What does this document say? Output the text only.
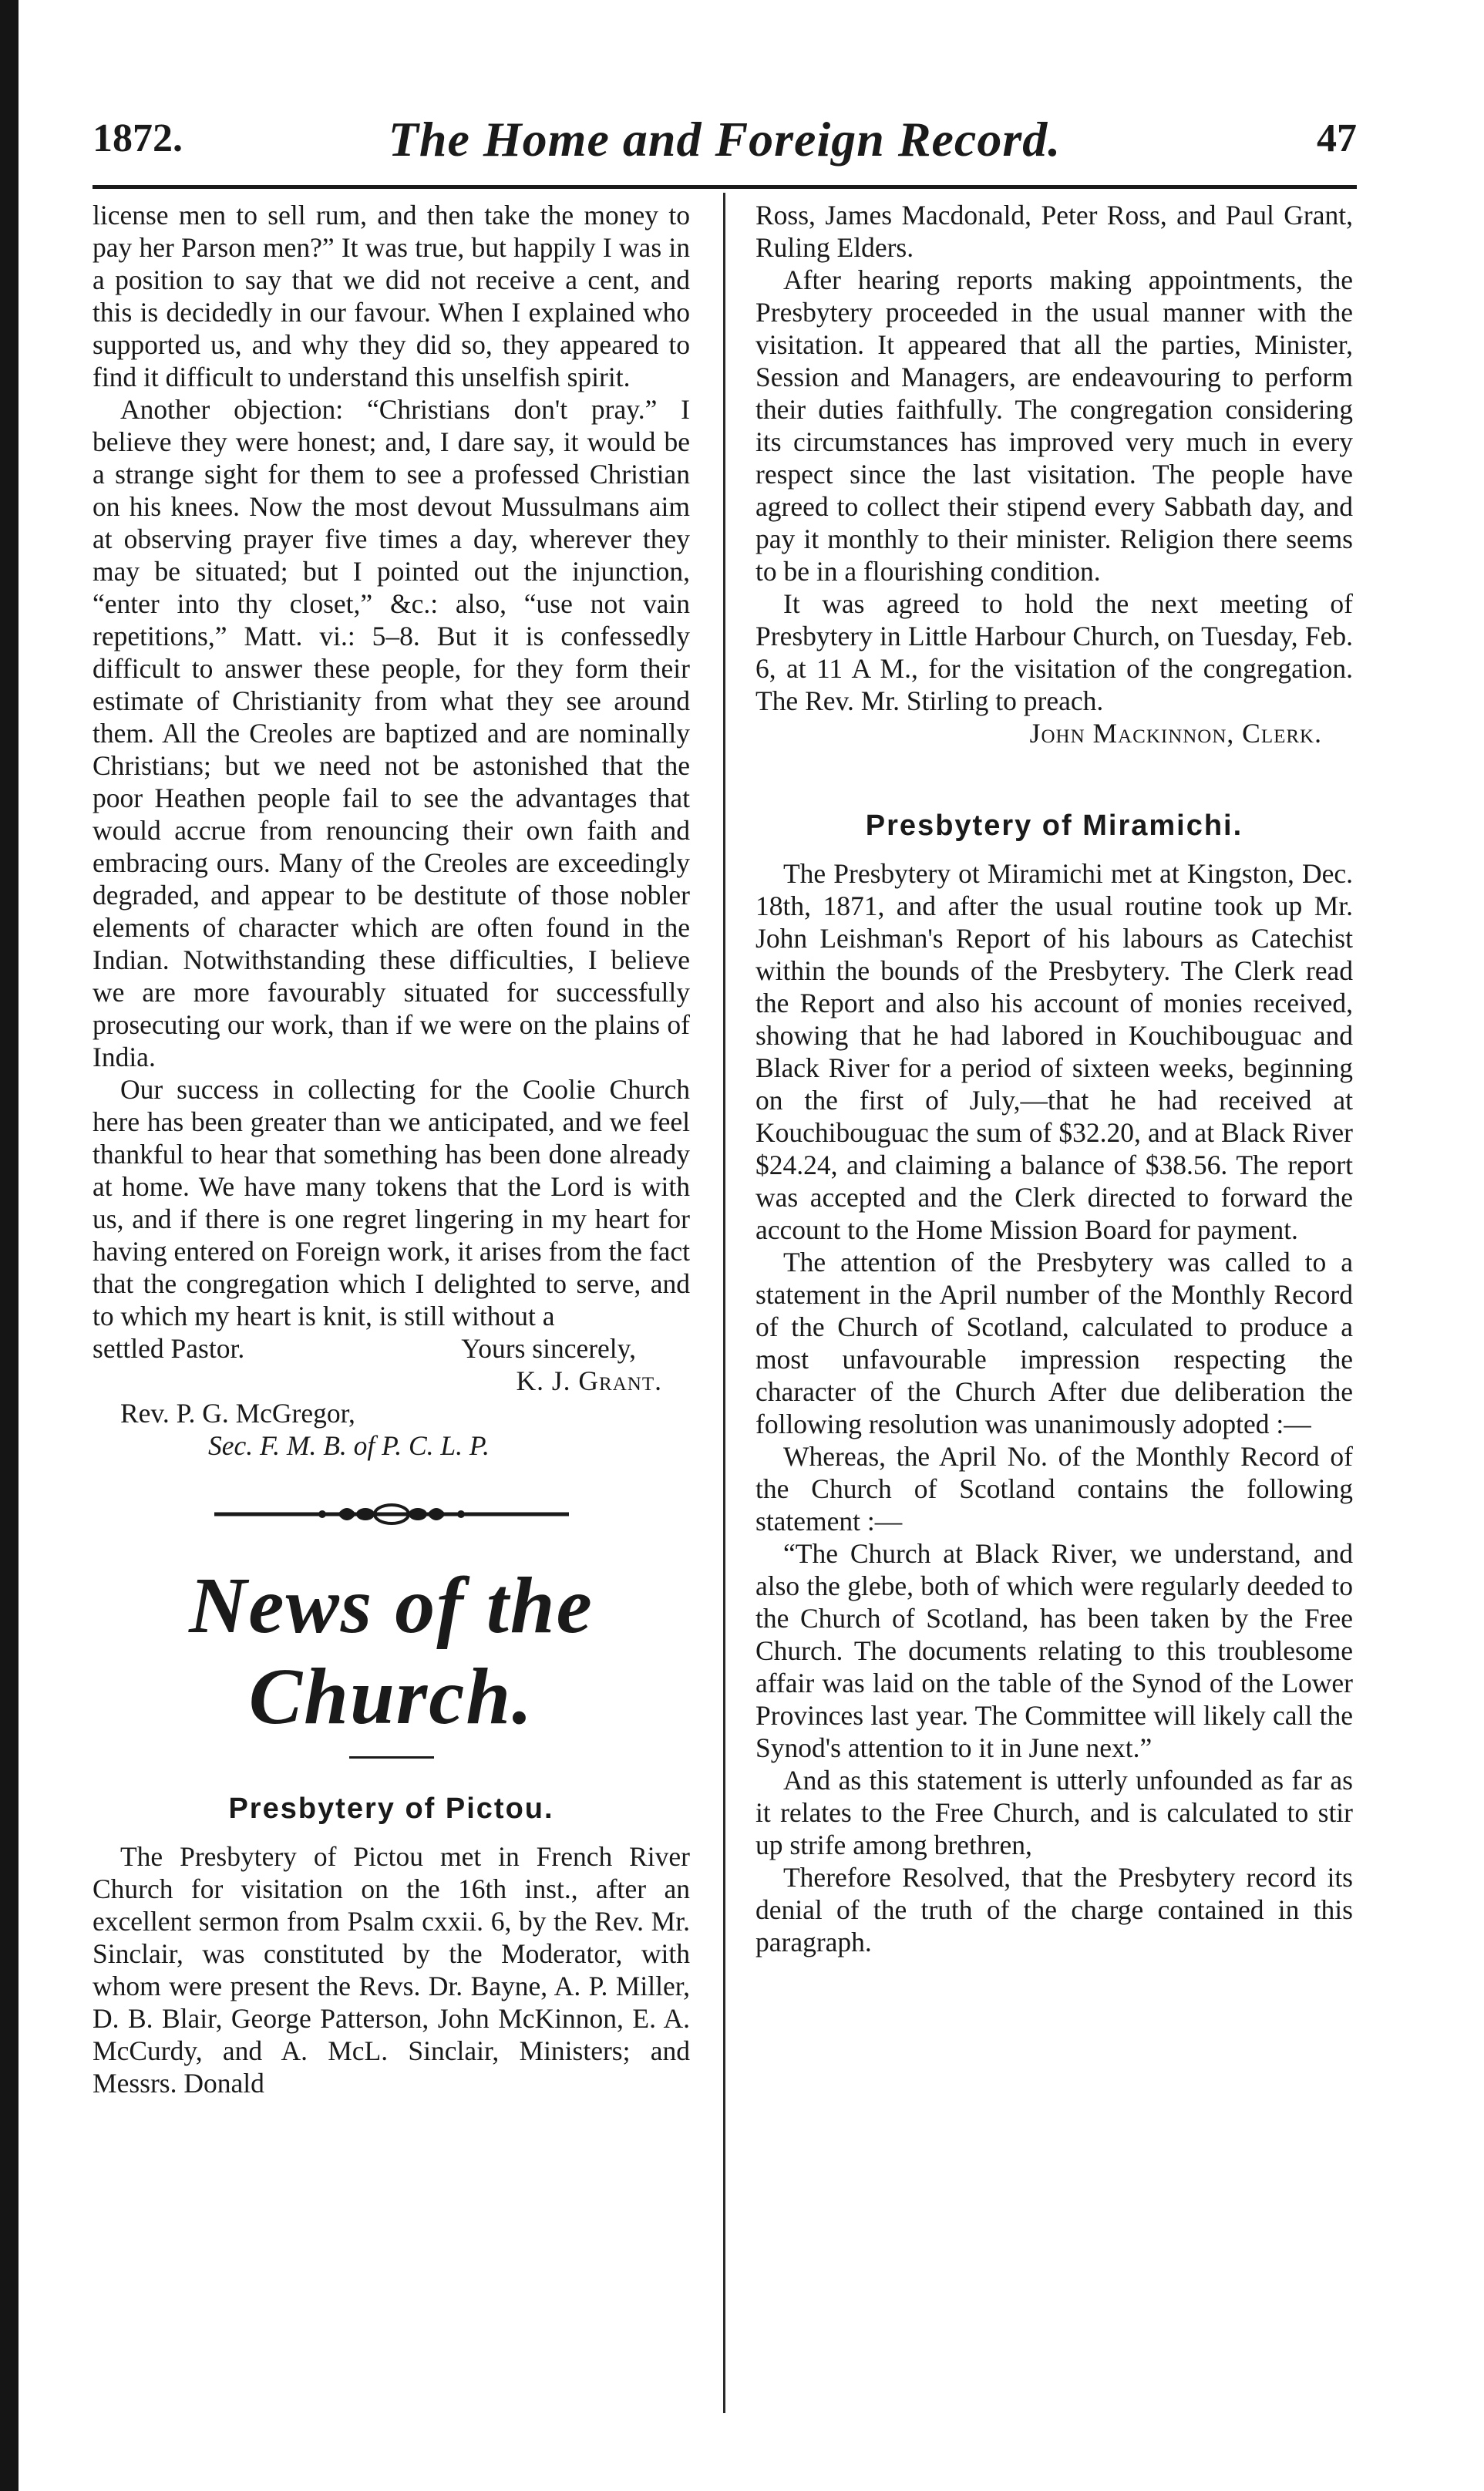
1872.	The Home and Foreign Record.	47

license men to sell rum, and then take the money to pay her Parson men?” It was true, but happily I was in a position to say that we did not receive a cent, and this is decidedly in our favour. When I explained who supported us, and why they did so, they appeared to find it difficult to understand this unselfish spirit.

Another objection: “Christians don't pray.” I believe they were honest; and, I dare say, it would be a strange sight for them to see a professed Christian on his knees. Now the most devout Mussulmans aim at observing prayer five times a day, wherever they may be situated; but I pointed out the injunction, “enter into thy closet,” &c.: also, “use not vain repetitions,” Matt. vi.: 5–8. But it is confessedly difficult to answer these people, for they form their estimate of Christianity from what they see around them. All the Creoles are baptized and are nominally Christians; but we need not be astonished that the poor Heathen people fail to see the advantages that would accrue from renouncing their own faith and embracing ours. Many of the Creoles are exceedingly degraded, and appear to be destitute of those nobler elements of character which are often found in the Indian. Notwithstanding these difficulties, I believe we are more favourably situated for successfully prosecuting our work, than if we were on the plains of India.

Our success in collecting for the Coolie Church here has been greater than we anticipated, and we feel thankful to hear that something has been done already at home. We have many tokens that the Lord is with us, and if there is one regret lingering in my heart for having entered on Foreign work, it arises from the fact that the congregation which I delighted to serve, and to which my heart is knit, is still without a

settled Pastor.	Yours sincerely,
K. J. Grant.
Rev. P. G. McGregor,
Sec. F. M. B. of P. C. L. P.
News of the Church.
Presbytery of Pictou.

The Presbytery of Pictou met in French River Church for visitation on the 16th inst., after an excellent sermon from Psalm cxxii. 6, by the Rev. Mr. Sinclair, was constituted by the Moderator, with whom were present the Revs. Dr. Bayne, A. P. Miller, D. B. Blair, George Patterson, John McKinnon, E. A. McCurdy, and A. McL. Sinclair, Ministers; and Messrs. Donald

Ross, James Macdonald, Peter Ross, and Paul Grant, Ruling Elders.

After hearing reports making appointments, the Presbytery proceeded in the usual manner with the visitation. It appeared that all the parties, Minister, Session and Managers, are endeavouring to perform their duties faithfully. The congregation considering its circumstances has improved very much in every respect since the last visitation. The people have agreed to collect their stipend every Sabbath day, and pay it monthly to their minister. Religion there seems to be in a flourishing condition.

It was agreed to hold the next meeting of Presbytery in Little Harbour Church, on Tuesday, Feb. 6, at 11 A M., for the visitation of the congregation. The Rev. Mr. Stirling to preach.

John Mackinnon, Clerk.
Presbytery of Miramichi.

The Presbytery ot Miramichi met at Kingston, Dec. 18th, 1871, and after the usual routine took up Mr. John Leishman's Report of his labours as Catechist within the bounds of the Presbytery. The Clerk read the Report and also his account of monies received, showing that he had labored in Kouchibouguac and Black River for a period of sixteen weeks, beginning on the first of July,—that he had received at Kouchibouguac the sum of $32.20, and at Black River $24.24, and claiming a balance of $38.56. The report was accepted and the Clerk directed to forward the account to the Home Mission Board for payment.

The attention of the Presbytery was called to a statement in the April number of the Monthly Record of the Church of Scotland, calculated to produce a most unfavourable impression respecting the character of the Church After due deliberation the following resolution was unanimously adopted :—

Whereas, the April No. of the Monthly Record of the Church of Scotland contains the following statement :—

“The Church at Black River, we understand, and also the glebe, both of which were regularly deeded to the Church of Scotland, has been taken by the Free Church. The documents relating to this troublesome affair was laid on the table of the Synod of the Lower Provinces last year. The Committee will likely call the Synod's attention to it in June next.”

And as this statement is utterly unfounded as far as it relates to the Free Church, and is calculated to stir up strife among brethren,

Therefore Resolved, that the Presbytery record its denial of the truth of the charge contained in this paragraph.
